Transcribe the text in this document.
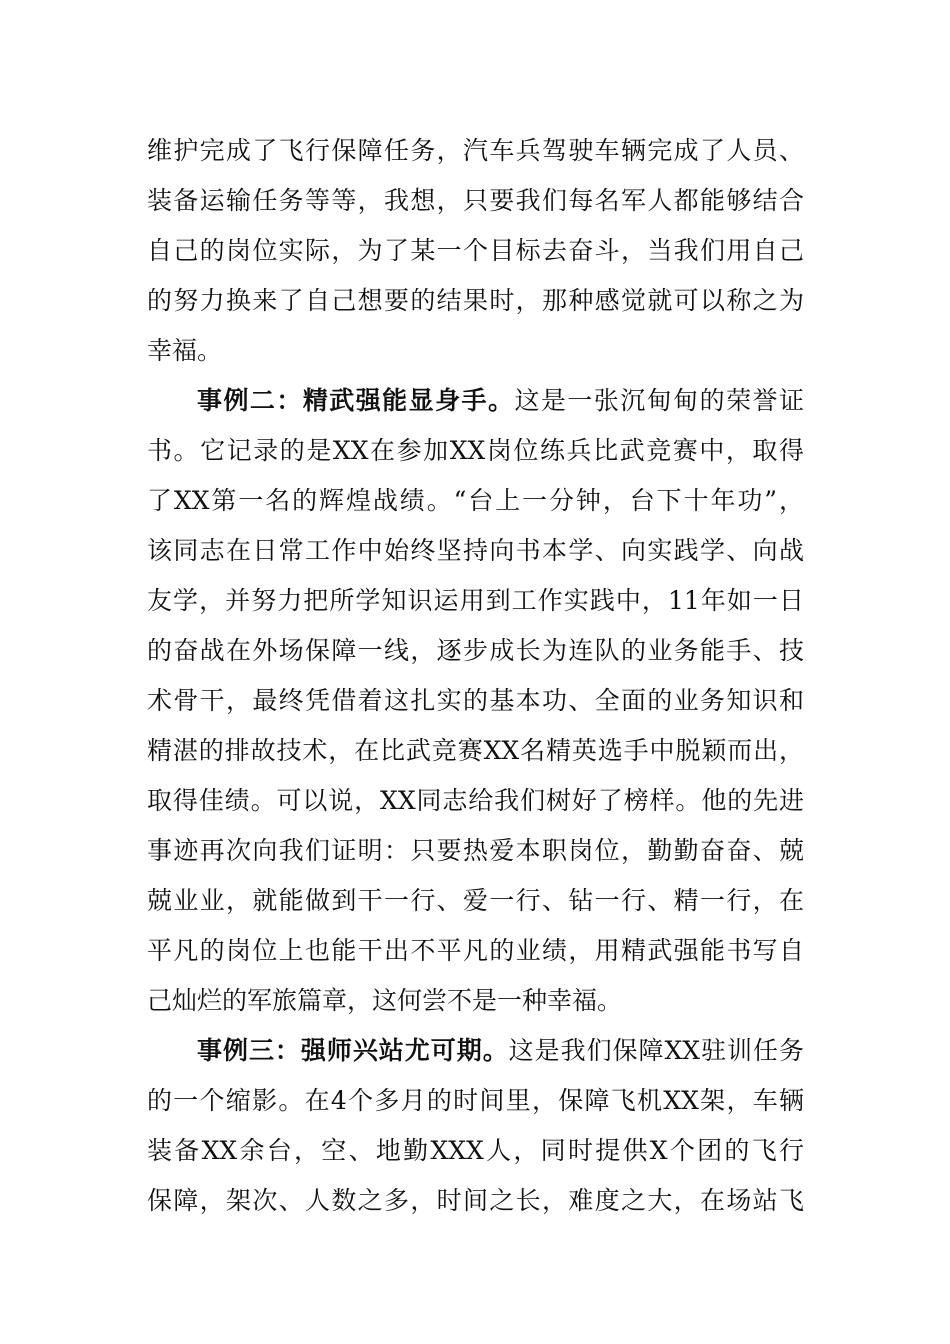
维护完成了飞行保障任务，汽车兵驾驶车辆完成了人员、
装备运输任务等等，我想，只要我们每名军人都能够结合
自己的岗位实际，为了某一个目标去奋斗，当我们用自己
的努力换来了自己想要的结果时，那种感觉就可以称之为
幸福。
事例二：精武强能显身手。这是一张沉甸甸的荣誉证
书。它记录的是XX在参加XX岗位练兵比武竞赛中，取得
了XX第一名的辉煌战绩。“台上一分钟，台下十年功”，
该同志在日常工作中始终坚持向书本学、向实践学、向战
友学，并努力把所学知识运用到工作实践中，11年如一日
的奋战在外场保障一线，逐步成长为连队的业务能手、技
术骨干，最终凭借着这扎实的基本功、全面的业务知识和
精湛的排故技术，在比武竞赛XX名精英选手中脱颖而出，
取得佳绩。可以说，XX同志给我们树好了榜样。他的先进
事迹再次向我们证明：只要热爱本职岗位，勤勤奋奋、兢
兢业业，就能做到干一行、爱一行、钻一行、精一行，在
平凡的岗位上也能干出不平凡的业绩，用精武强能书写自
己灿烂的军旅篇章，这何尝不是一种幸福。
事例三：强师兴站尤可期。这是我们保障XX驻训任务
的一个缩影。在4个多月的时间里，保障飞机XX架，车辆
装备XX余台，空、地勤XXX人，同时提供X个团的飞行
保障，架次、人数之多，时间之长，难度之大，在场站飞
